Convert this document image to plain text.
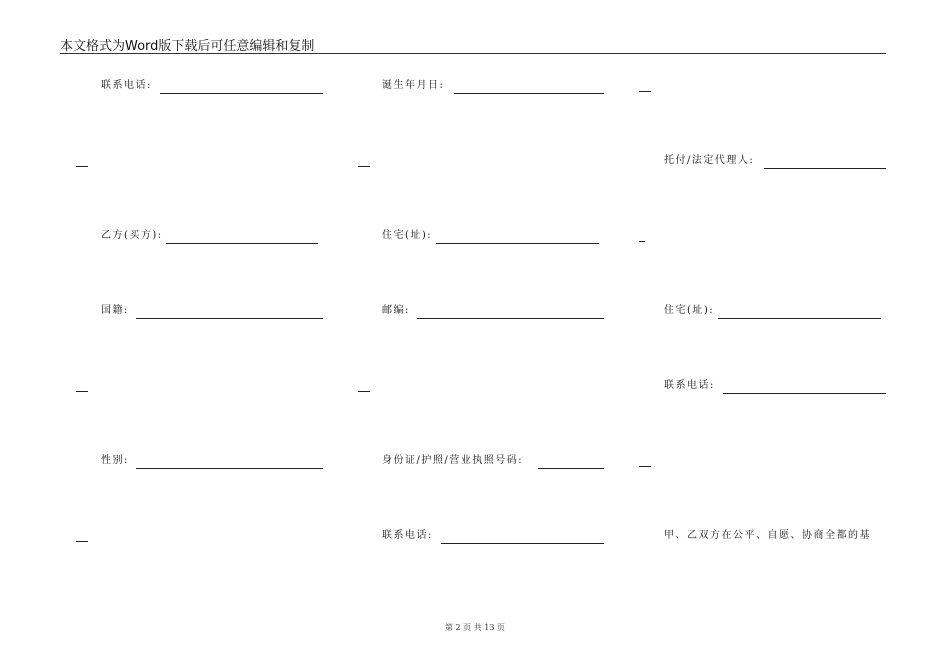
本文格式为Word版下载后可任意编辑和复制
联系电话:	诞生年月日:
托付/法定代理人:
乙方(买方):	住宅(址):
国籍:	邮编:	住宅(址):
联系电话:
性别:	身份证/护照/营业执照号码:
联系电话:	甲、乙双方在公平、自愿、协商全都的基
第 2 页 共 13 页
